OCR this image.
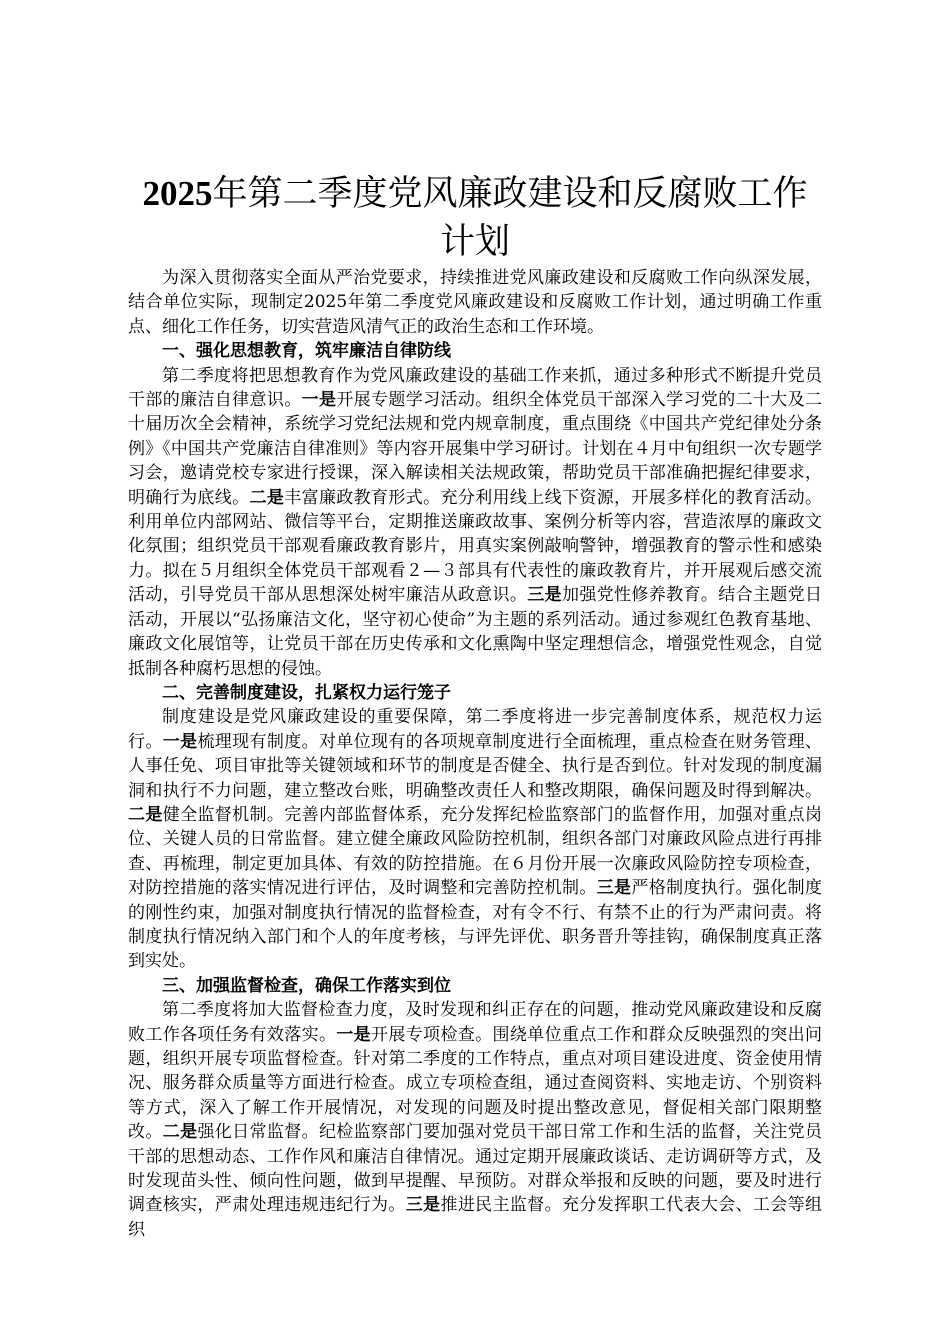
2025年第二季度党风廉政建设和反腐败工作
计划

为深入贯彻落实全面从严治党要求，持续推进党风廉政建设和反腐败工作向纵深发展，结合单位实际，现制定2025年第二季度党风廉政建设和反腐败工作计划，通过明确工作重点、细化工作任务，切实营造风清气正的政治生态和工作环境。

一、强化思想教育，筑牢廉洁自律防线

第二季度将把思想教育作为党风廉政建设的基础工作来抓，通过多种形式不断提升党员干部的廉洁自律意识。一是开展专题学习活动。组织全体党员干部深入学习党的二十大及二十届历次全会精神，系统学习党纪法规和党内规章制度，重点围绕《中国共产党纪律处分条例》《中国共产党廉洁自律准则》等内容开展集中学习研讨。计划在４月中旬组织一次专题学习会，邀请党校专家进行授课，深入解读相关法规政策，帮助党员干部准确把握纪律要求，明确行为底线。二是丰富廉政教育形式。充分利用线上线下资源，开展多样化的教育活动。利用单位内部网站、微信等平台，定期推送廉政故事、案例分析等内容，营造浓厚的廉政文化氛围；组织党员干部观看廉政教育影片，用真实案例敲响警钟，增强教育的警示性和感染力。拟在５月组织全体党员干部观看２—３部具有代表性的廉政教育片，并开展观后感交流活动，引导党员干部从思想深处树牢廉洁从政意识。三是加强党性修养教育。结合主题党日活动，开展以“弘扬廉洁文化，坚守初心使命”为主题的系列活动。通过参观红色教育基地、廉政文化展馆等，让党员干部在历史传承和文化熏陶中坚定理想信念，增强党性观念，自觉抵制各种腐朽思想的侵蚀。

二、完善制度建设，扎紧权力运行笼子

制度建设是党风廉政建设的重要保障，第二季度将进一步完善制度体系，规范权力运行。一是梳理现有制度。对单位现有的各项规章制度进行全面梳理，重点检查在财务管理、人事任免、项目审批等关键领域和环节的制度是否健全、执行是否到位。针对发现的制度漏洞和执行不力问题，建立整改台账，明确整改责任人和整改期限，确保问题及时得到解决。二是健全监督机制。完善内部监督体系，充分发挥纪检监察部门的监督作用，加强对重点岗位、关键人员的日常监督。建立健全廉政风险防控机制，组织各部门对廉政风险点进行再排查、再梳理，制定更加具体、有效的防控措施。在６月份开展一次廉政风险防控专项检查，对防控措施的落实情况进行评估，及时调整和完善防控机制。三是严格制度执行。强化制度的刚性约束，加强对制度执行情况的监督检查，对有令不行、有禁不止的行为严肃问责。将制度执行情况纳入部门和个人的年度考核，与评先评优、职务晋升等挂钩，确保制度真正落到实处。

三、加强监督检查，确保工作落实到位

第二季度将加大监督检查力度，及时发现和纠正存在的问题，推动党风廉政建设和反腐败工作各项任务有效落实。一是开展专项检查。围绕单位重点工作和群众反映强烈的突出问题，组织开展专项监督检查。针对第二季度的工作特点，重点对项目建设进度、资金使用情况、服务群众质量等方面进行检查。成立专项检查组，通过查阅资料、实地走访、个别资料等方式，深入了解工作开展情况，对发现的问题及时提出整改意见，督促相关部门限期整改。二是强化日常监督。纪检监察部门要加强对党员干部日常工作和生活的监督，关注党员干部的思想动态、工作作风和廉洁自律情况。通过定期开展廉政谈话、走访调研等方式，及时发现苗头性、倾向性问题，做到早提醒、早预防。对群众举报和反映的问题，要及时进行调查核实，严肃处理违规违纪行为。三是推进民主监督。充分发挥职工代表大会、工会等组织
